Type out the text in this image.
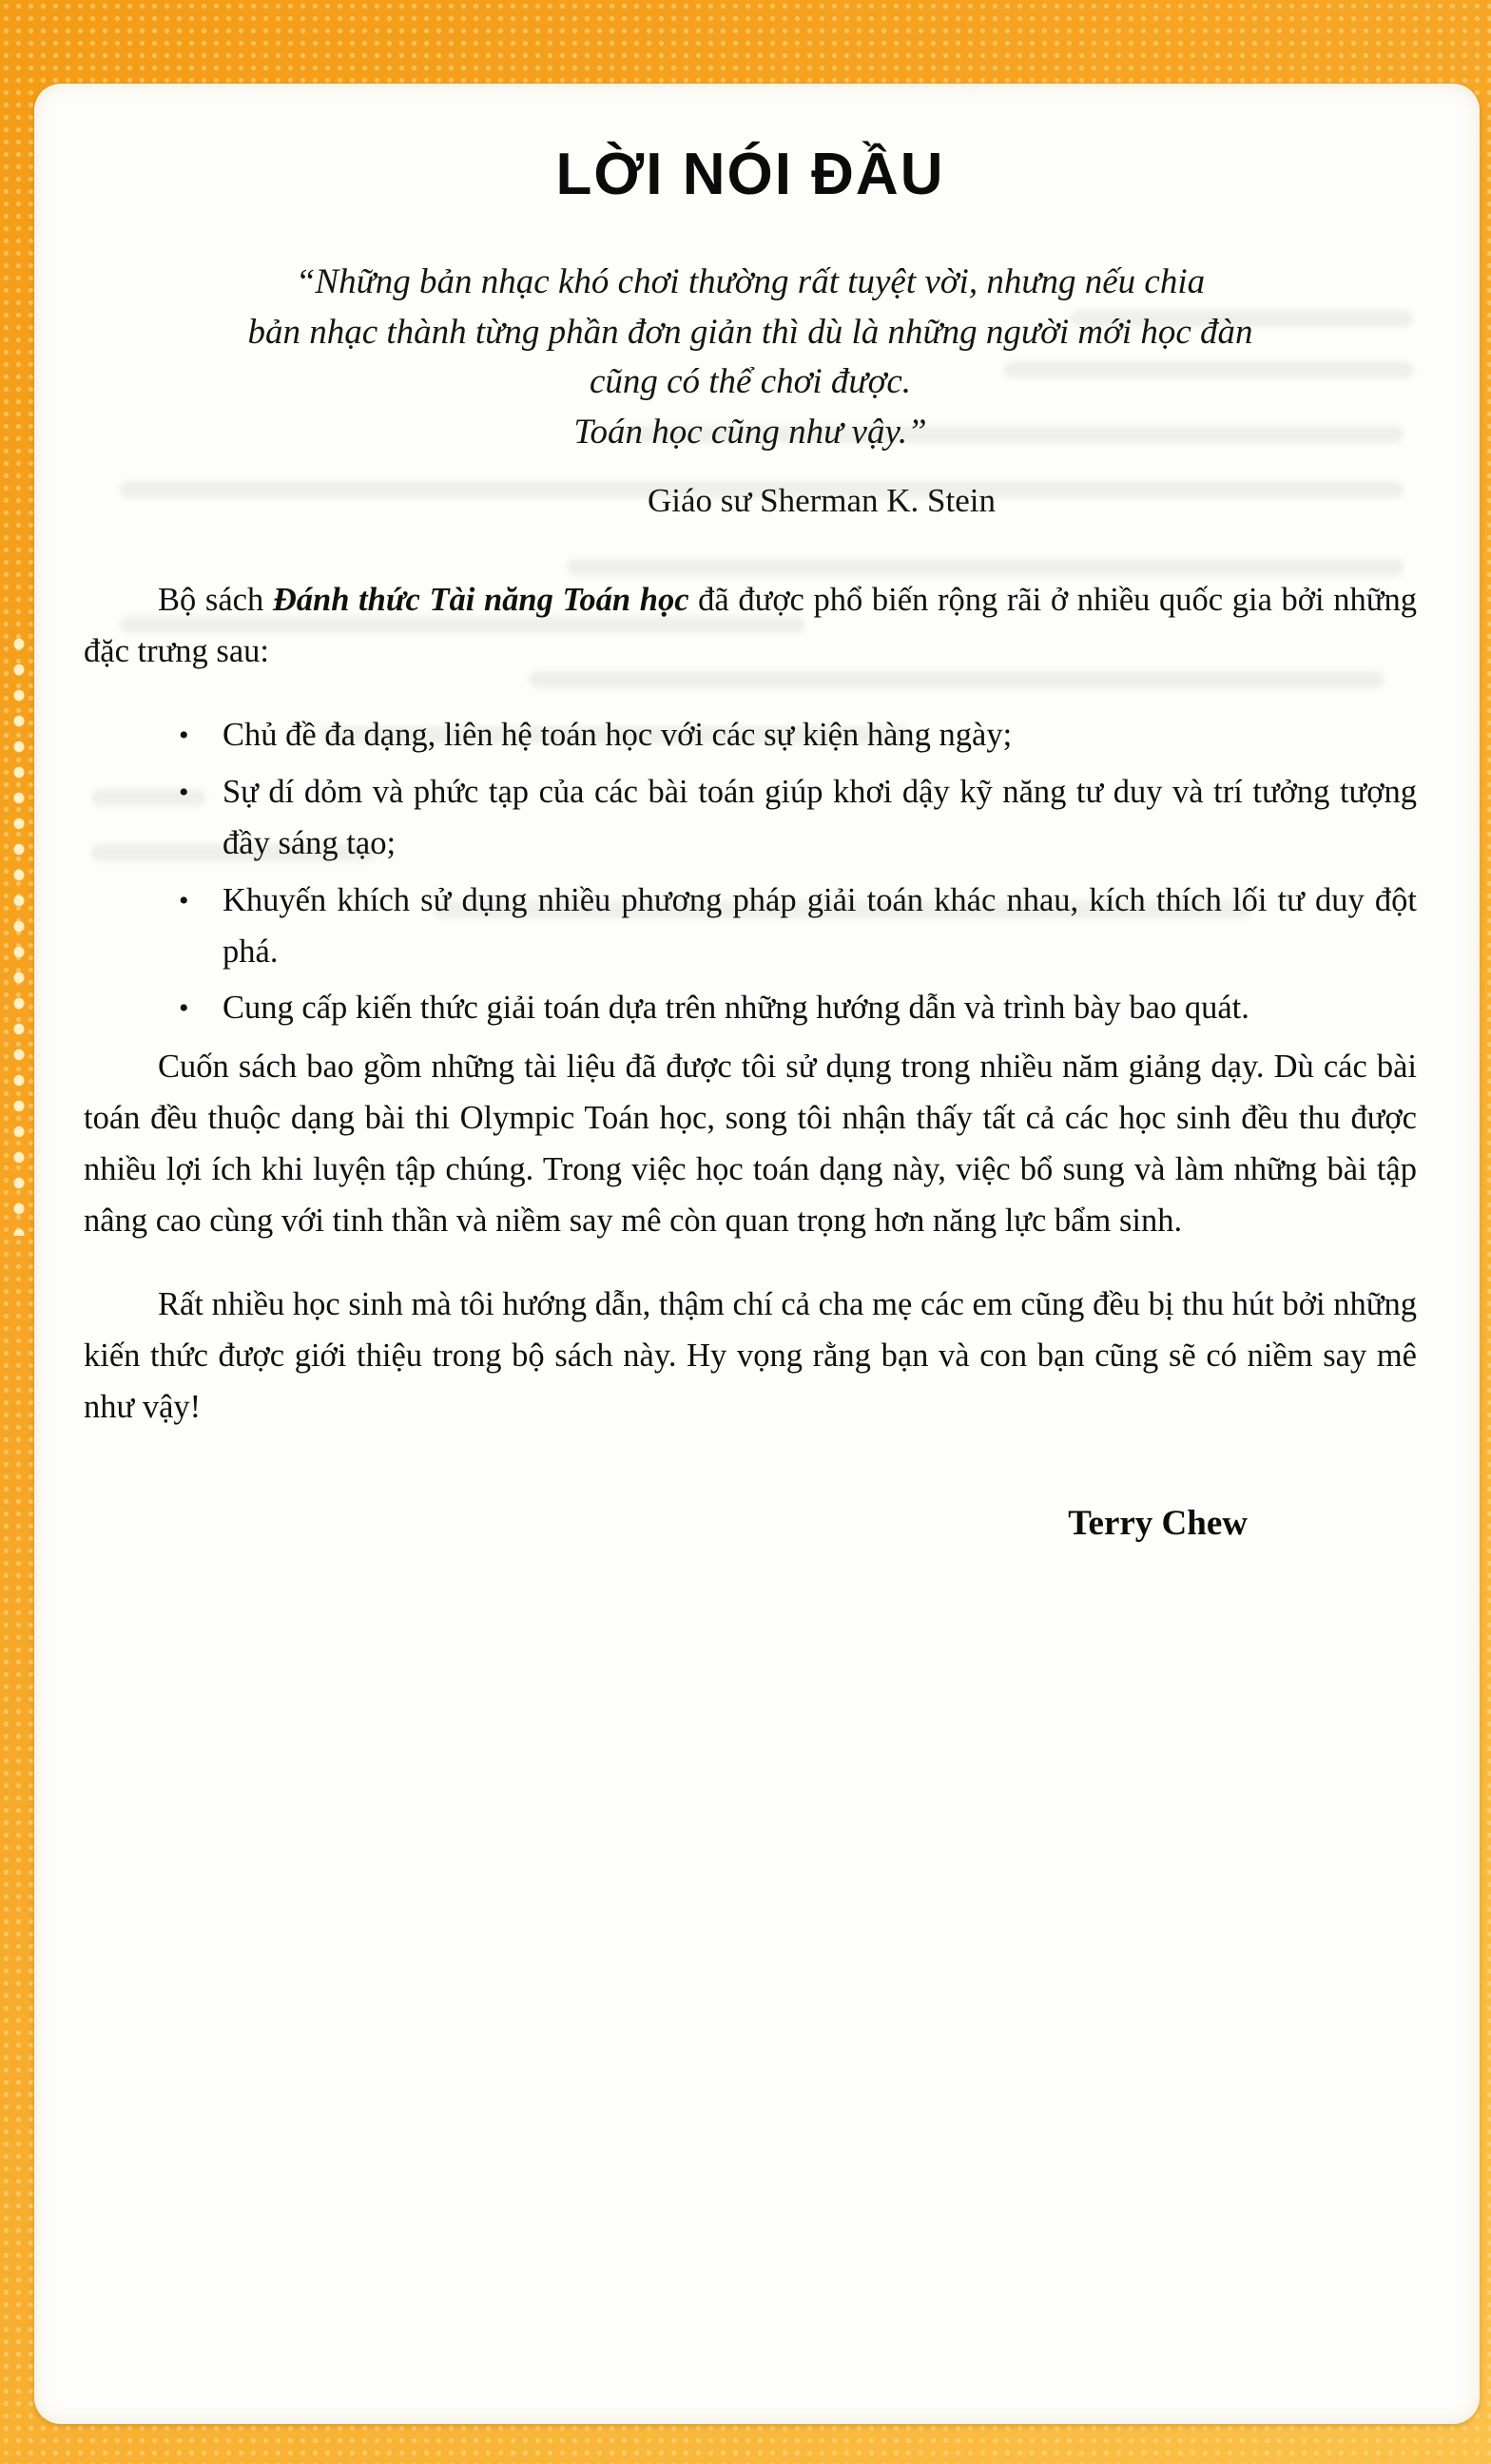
LỜI NÓI ĐẦU
“Những bản nhạc khó chơi thường rất tuyệt vời, nhưng nếu chia
bản nhạc thành từng phần đơn giản thì dù là những người mới học đàn
cũng có thể chơi được.
Toán học cũng như vậy.”
Giáo sư Sherman K. Stein

Bộ sách Đánh thức Tài năng Toán học đã được phổ biến rộng rãi ở nhiều quốc gia bởi những đặc trưng sau:

•	Chủ đề đa dạng, liên hệ toán học với các sự kiện hàng ngày;
•	Sự dí dỏm và phức tạp của các bài toán giúp khơi dậy kỹ năng tư duy và trí tưởng tượng đầy sáng tạo;
•	Khuyến khích sử dụng nhiều phương pháp giải toán khác nhau, kích thích lối tư duy đột phá.
•	Cung cấp kiến thức giải toán dựa trên những hướng dẫn và trình bày bao quát.

Cuốn sách bao gồm những tài liệu đã được tôi sử dụng trong nhiều năm giảng dạy. Dù các bài toán đều thuộc dạng bài thi Olympic Toán học, song tôi nhận thấy tất cả các học sinh đều thu được nhiều lợi ích khi luyện tập chúng. Trong việc học toán dạng này, việc bổ sung và làm những bài tập nâng cao cùng với tinh thần và niềm say mê còn quan trọng hơn năng lực bẩm sinh.

Rất nhiều học sinh mà tôi hướng dẫn, thậm chí cả cha mẹ các em cũng đều bị thu hút bởi những kiến thức được giới thiệu trong bộ sách này. Hy vọng rằng bạn và con bạn cũng sẽ có niềm say mê như vậy!

Terry Chew
